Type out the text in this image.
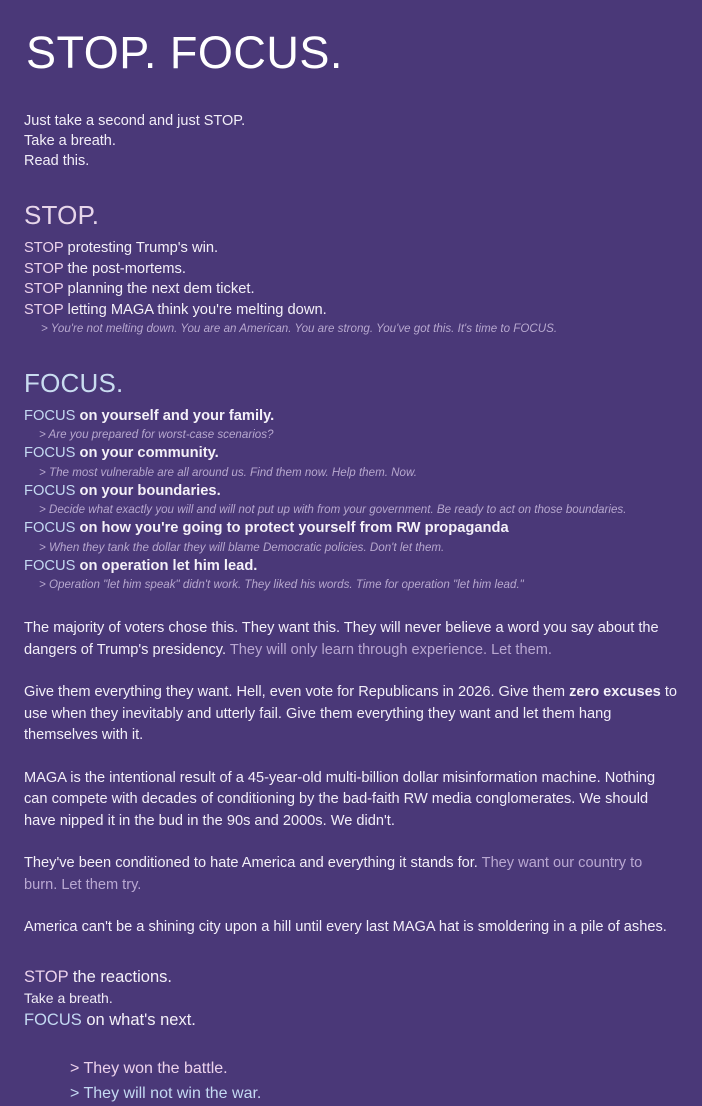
STOP. FOCUS.
Just take a second and just STOP.
Take a breath.
Read this.
STOP.
STOP protesting Trump's win.
STOP the post-mortems.
STOP planning the next dem ticket.
STOP letting MAGA think you're melting down.
> You're not melting down. You are an American. You are strong. You've got this. It's time to FOCUS.
FOCUS.
FOCUS on yourself and your family.
> Are you prepared for worst-case scenarios?
FOCUS on your community.
> The most vulnerable are all around us. Find them now. Help them. Now.
FOCUS on your boundaries.
> Decide what exactly you will and will not put up with from your government. Be ready to act on those boundaries.
FOCUS on how you're going to protect yourself from RW propaganda
> When they tank the dollar they will blame Democratic policies. Don't let them.
FOCUS on operation let him lead.
> Operation "let him speak" didn't work. They liked his words. Time for operation "let him lead."

The majority of voters chose this. They want this. They will never believe a word you say about the dangers of Trump's presidency. They will only learn through experience. Let them.

Give them everything they want. Hell, even vote for Republicans in 2026. Give them zero excuses to use when they inevitably and utterly fail. Give them everything they want and let them hang themselves with it.

MAGA is the intentional result of a 45-year-old multi-billion dollar misinformation machine. Nothing can compete with decades of conditioning by the bad-faith RW media conglomerates. We should have nipped it in the bud in the 90s and 2000s. We didn't.

They've been conditioned to hate America and everything it stands for. They want our country to burn. Let them try.

America can't be a shining city upon a hill until every last MAGA hat is smoldering in a pile of ashes.

STOP the reactions.
Take a breath.
FOCUS on what's next.
> They won the battle.
> They will not win the war.
